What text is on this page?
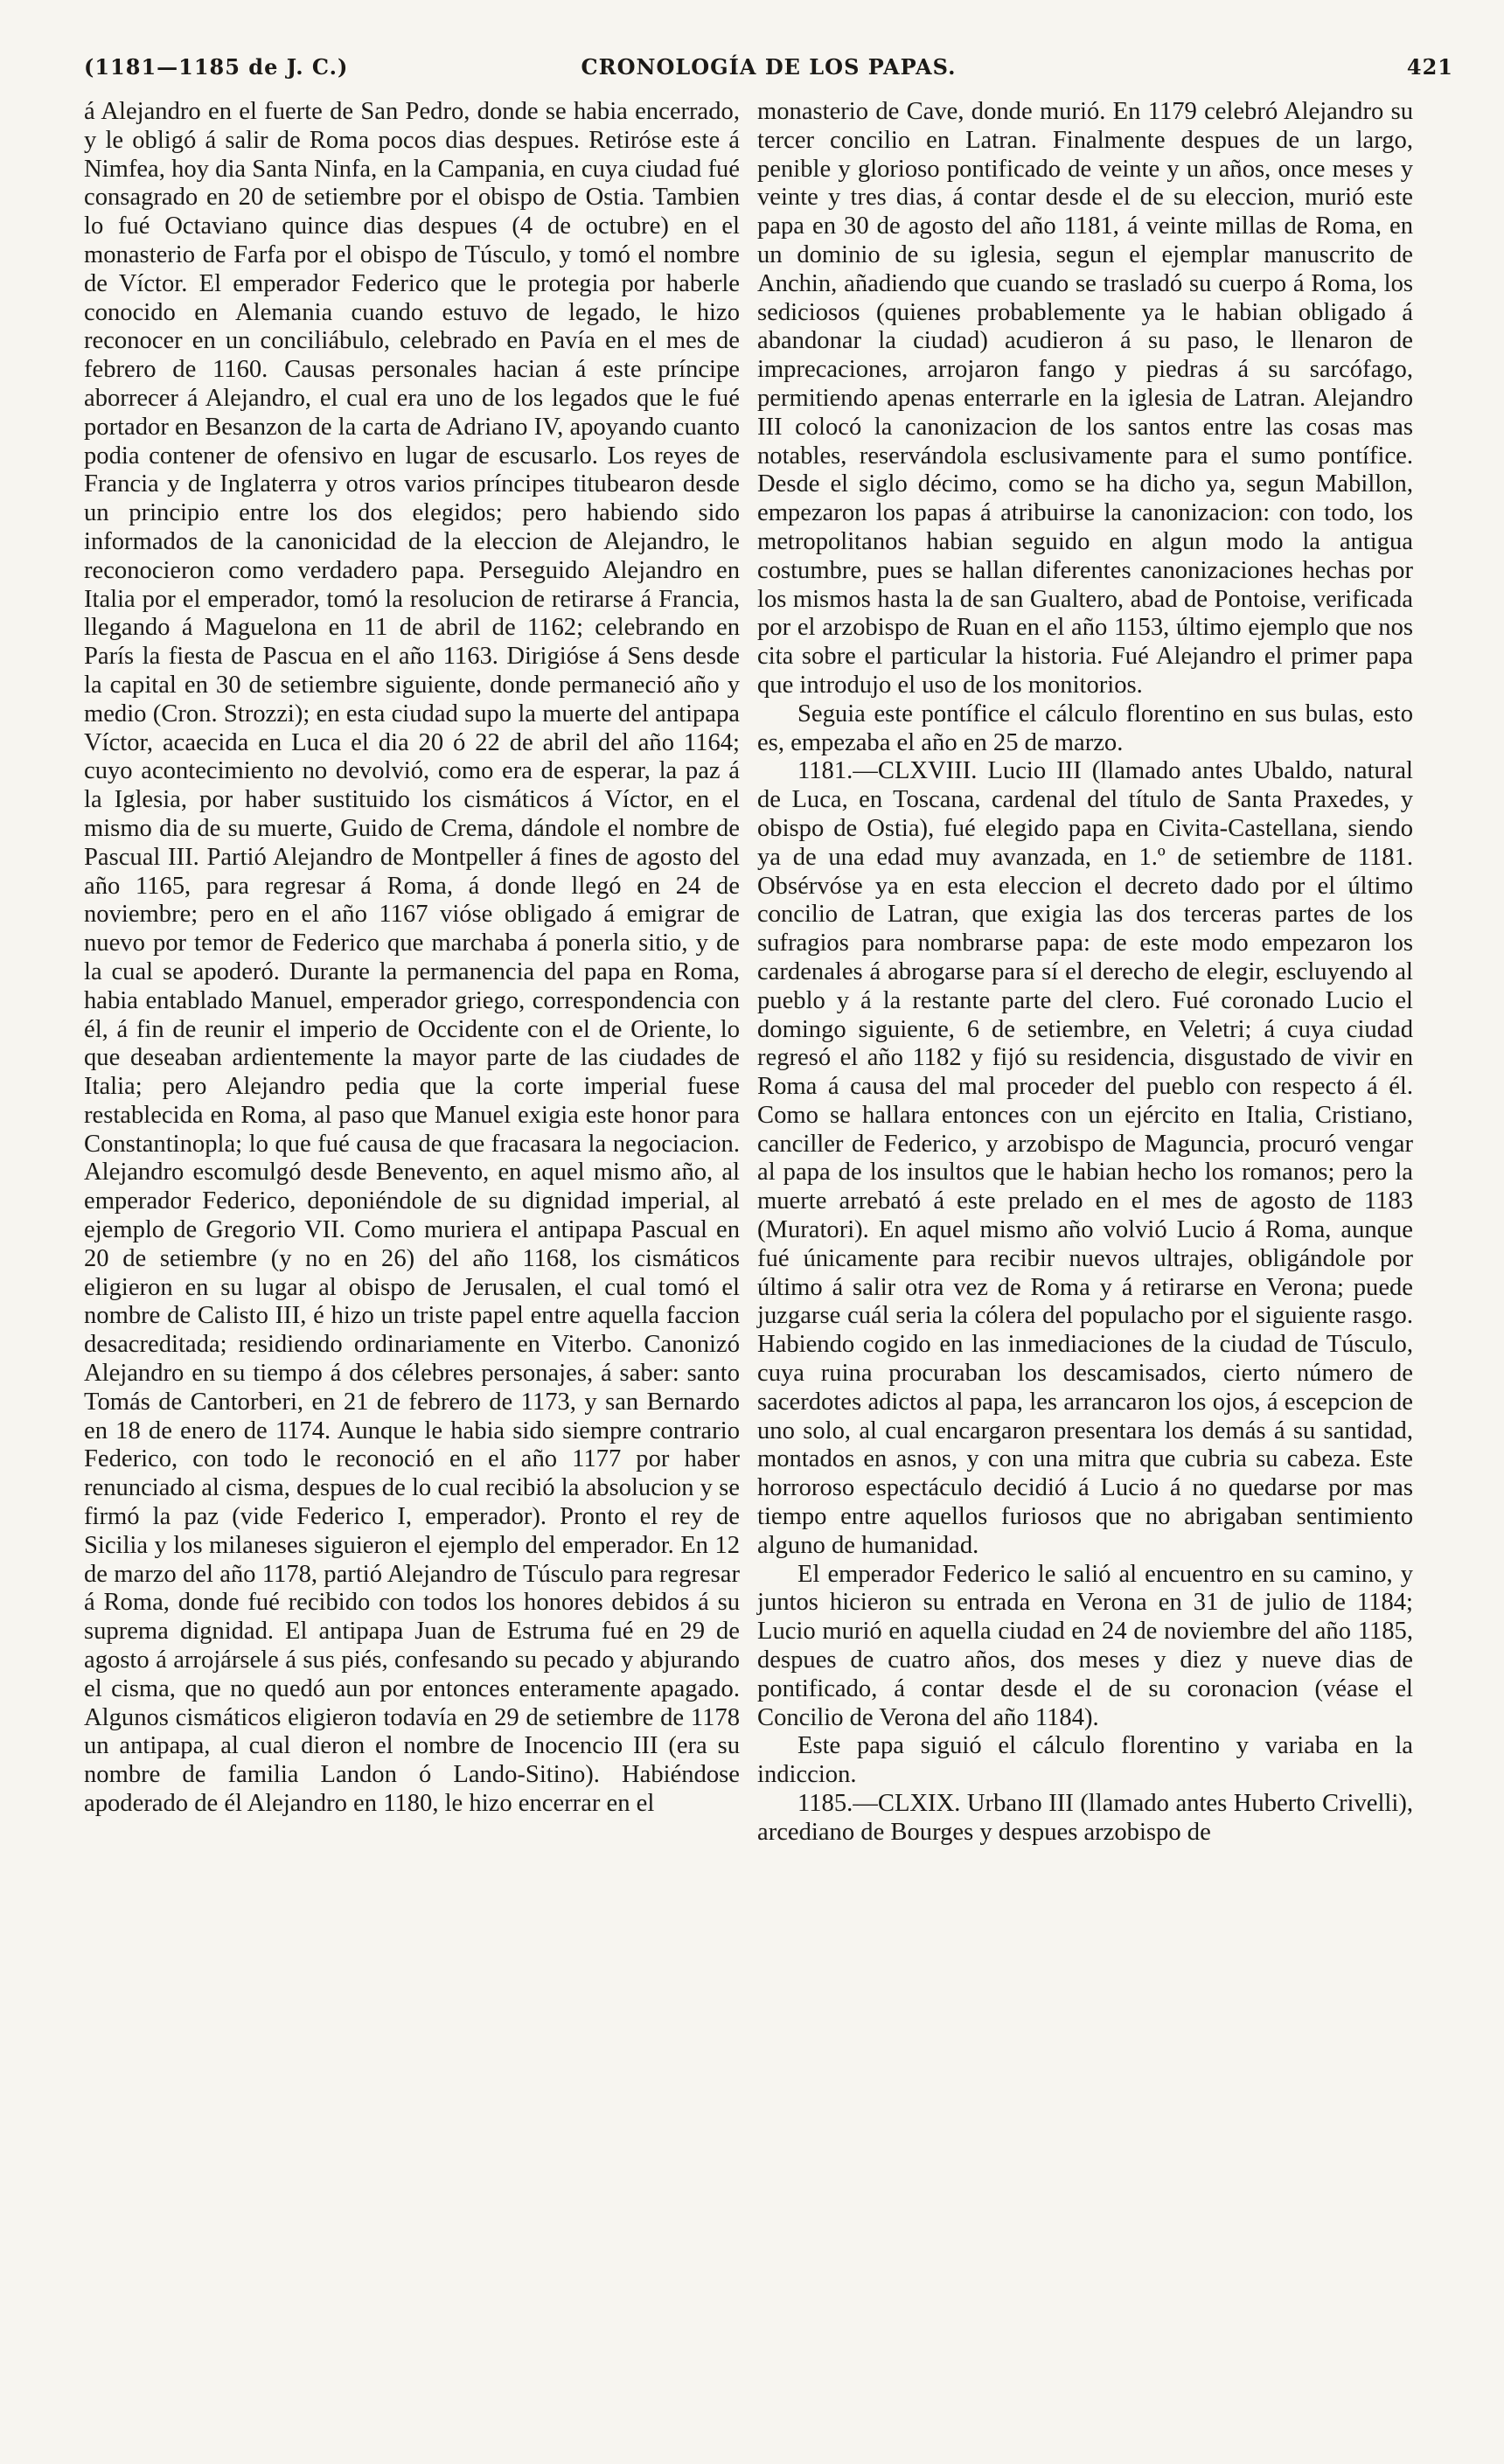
(1181—1185 de J. C.)	CRONOLOGÍA DE LOS PAPAS.	421

á Alejandro en el fuerte de San Pedro, donde se habia encerrado, y le obligó á salir de Roma pocos dias despues. Retiróse este á Nimfea, hoy dia Santa Ninfa, en la Campania, en cuya ciudad fué consagrado en 20 de setiembre por el obispo de Ostia. Tambien lo fué Octaviano quince dias despues (4 de octubre) en el monasterio de Farfa por el obispo de Túsculo, y tomó el nombre de Víctor. El emperador Federico que le protegia por haberle conocido en Alemania cuando estuvo de legado, le hizo reconocer en un conciliábulo, celebrado en Pavía en el mes de febrero de 1160. Causas personales hacian á este príncipe aborrecer á Alejandro, el cual era uno de los legados que le fué portador en Besanzon de la carta de Adriano IV, apoyando cuanto podia contener de ofensivo en lugar de escusarlo. Los reyes de Francia y de Inglaterra y otros varios príncipes titubearon desde un principio entre los dos elegidos; pero habiendo sido informados de la canonicidad de la eleccion de Alejandro, le reconocieron como verdadero papa. Perseguido Alejandro en Italia por el emperador, tomó la resolucion de retirarse á Francia, llegando á Maguelona en 11 de abril de 1162; celebrando en París la fiesta de Pascua en el año 1163. Dirigióse á Sens desde la capital en 30 de setiembre siguiente, donde permaneció año y medio (Cron. Strozzi); en esta ciudad supo la muerte del antipapa Víctor, acaecida en Luca el dia 20 ó 22 de abril del año 1164; cuyo acontecimiento no devolvió, como era de esperar, la paz á la Iglesia, por haber sustituido los cismáticos á Víctor, en el mismo dia de su muerte, Guido de Crema, dándole el nombre de Pascual III. Partió Alejandro de Montpeller á fines de agosto del año 1165, para regresar á Roma, á donde llegó en 24 de noviembre; pero en el año 1167 vióse obligado á emigrar de nuevo por temor de Federico que marchaba á ponerla sitio, y de la cual se apoderó. Durante la permanencia del papa en Roma, habia entablado Manuel, emperador griego, correspondencia con él, á fin de reunir el imperio de Occidente con el de Oriente, lo que deseaban ardientemente la mayor parte de las ciudades de Italia; pero Alejandro pedia que la corte imperial fuese restablecida en Roma, al paso que Manuel exigia este honor para Constantinopla; lo que fué causa de que fracasara la negociacion. Alejandro escomulgó desde Benevento, en aquel mismo año, al emperador Federico, deponiéndole de su dignidad imperial, al ejemplo de Gregorio VII. Como muriera el antipapa Pascual en 20 de setiembre (y no en 26) del año 1168, los cismáticos eligieron en su lugar al obispo de Jerusalen, el cual tomó el nombre de Calisto III, é hizo un triste papel entre aquella faccion desacreditada; residiendo ordinariamente en Viterbo. Canonizó Alejandro en su tiempo á dos célebres personajes, á saber: santo Tomás de Cantorberi, en 21 de febrero de 1173, y san Bernardo en 18 de enero de 1174. Aunque le habia sido siempre contrario Federico, con todo le reconoció en el año 1177 por haber renunciado al cisma, despues de lo cual recibió la absolucion y se firmó la paz (vide Federico I, emperador). Pronto el rey de Sicilia y los milaneses siguieron el ejemplo del emperador. En 12 de marzo del año 1178, partió Alejandro de Túsculo para regresar á Roma, donde fué recibido con todos los honores debidos á su suprema dignidad. El antipapa Juan de Estruma fué en 29 de agosto á arrojársele á sus piés, confesando su pecado y abjurando el cisma, que no quedó aun por entonces enteramente apagado. Algunos cismáticos eligieron todavía en 29 de setiembre de 1178 un antipapa, al cual dieron el nombre de Inocencio III (era su nombre de familia Landon ó Lando-Sitino). Habiéndose apoderado de él Alejandro en 1180, le hizo encerrar en el

monasterio de Cave, donde murió. En 1179 celebró Alejandro su tercer concilio en Latran. Finalmente despues de un largo, penible y glorioso pontificado de veinte y un años, once meses y veinte y tres dias, á contar desde el de su eleccion, murió este papa en 30 de agosto del año 1181, á veinte millas de Roma, en un dominio de su iglesia, segun el ejemplar manuscrito de Anchin, añadiendo que cuando se trasladó su cuerpo á Roma, los sediciosos (quienes probablemente ya le habian obligado á abandonar la ciudad) acudieron á su paso, le llenaron de imprecaciones, arrojaron fango y piedras á su sarcófago, permitiendo apenas enterrarle en la iglesia de Latran. Alejandro III colocó la canonizacion de los santos entre las cosas mas notables, reservándola esclusivamente para el sumo pontífice. Desde el siglo décimo, como se ha dicho ya, segun Mabillon, empezaron los papas á atribuirse la canonizacion: con todo, los metropolitanos habian seguido en algun modo la antigua costumbre, pues se hallan diferentes canonizaciones hechas por los mismos hasta la de san Gualtero, abad de Pontoise, verificada por el arzobispo de Ruan en el año 1153, último ejemplo que nos cita sobre el particular la historia. Fué Alejandro el primer papa que introdujo el uso de los monitorios.

Seguia este pontífice el cálculo florentino en sus bulas, esto es, empezaba el año en 25 de marzo.

1181.—CLXVIII. Lucio III (llamado antes Ubaldo, natural de Luca, en Toscana, cardenal del título de Santa Praxedes, y obispo de Ostia), fué elegido papa en Civita-Castellana, siendo ya de una edad muy avanzada, en 1.º de setiembre de 1181. Obsérvóse ya en esta eleccion el decreto dado por el último concilio de Latran, que exigia las dos terceras partes de los sufragios para nombrarse papa: de este modo empezaron los cardenales á abrogarse para sí el derecho de elegir, escluyendo al pueblo y á la restante parte del clero. Fué coronado Lucio el domingo siguiente, 6 de setiembre, en Veletri; á cuya ciudad regresó el año 1182 y fijó su residencia, disgustado de vivir en Roma á causa del mal proceder del pueblo con respecto á él. Como se hallara entonces con un ejército en Italia, Cristiano, canciller de Federico, y arzobispo de Maguncia, procuró vengar al papa de los insultos que le habian hecho los romanos; pero la muerte arrebató á este prelado en el mes de agosto de 1183 (Muratori). En aquel mismo año volvió Lucio á Roma, aunque fué únicamente para recibir nuevos ultrajes, obligándole por último á salir otra vez de Roma y á retirarse en Verona; puede juzgarse cuál seria la cólera del populacho por el siguiente rasgo. Habiendo cogido en las inmediaciones de la ciudad de Túsculo, cuya ruina procuraban los descamisados, cierto número de sacerdotes adictos al papa, les arrancaron los ojos, á escepcion de uno solo, al cual encargaron presentara los demás á su santidad, montados en asnos, y con una mitra que cubria su cabeza. Este horroroso espectáculo decidió á Lucio á no quedarse por mas tiempo entre aquellos furiosos que no abrigaban sentimiento alguno de humanidad.

El emperador Federico le salió al encuentro en su camino, y juntos hicieron su entrada en Verona en 31 de julio de 1184; Lucio murió en aquella ciudad en 24 de noviembre del año 1185, despues de cuatro años, dos meses y diez y nueve dias de pontificado, á contar desde el de su coronacion (véase el Concilio de Verona del año 1184).

Este papa siguió el cálculo florentino y variaba en la indiccion.

1185.—CLXIX. Urbano III (llamado antes Huberto Crivelli), arcediano de Bourges y despues arzobispo de
